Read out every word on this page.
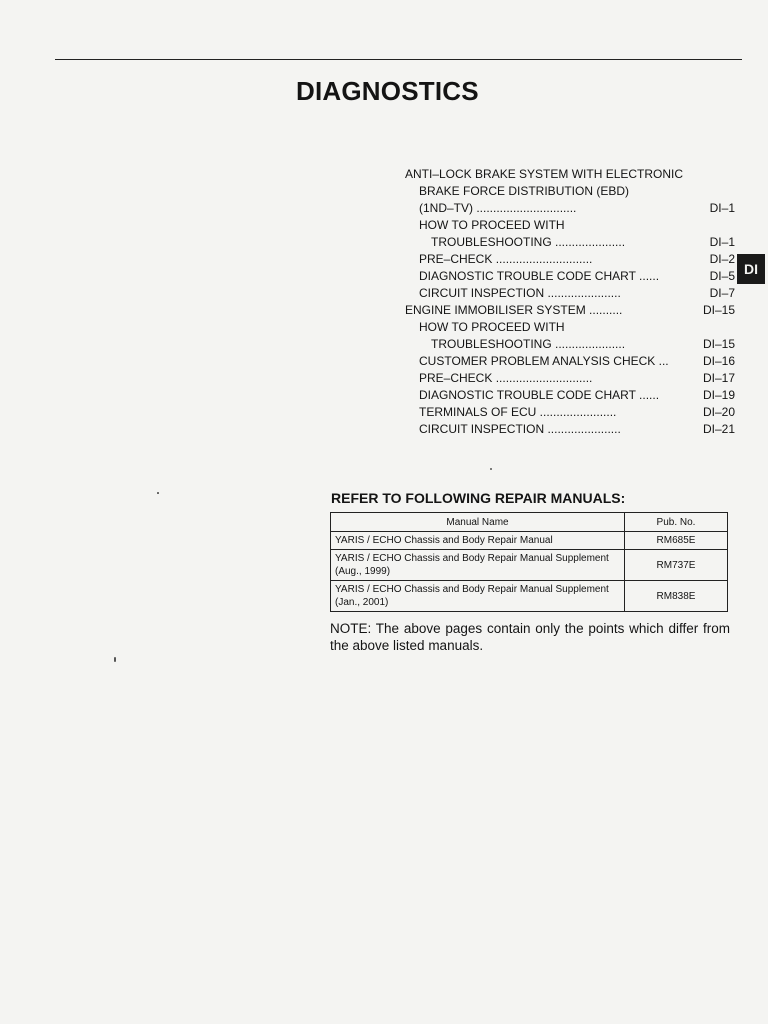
DIAGNOSTICS
ANTI–LOCK BRAKE SYSTEM WITH ELECTRONIC
BRAKE FORCE DISTRIBUTION (EBD)
(1ND–TV) ..............................	DI–1
HOW TO PROCEED WITH
TROUBLESHOOTING .....................	DI–1
PRE–CHECK .............................	DI–2
DIAGNOSTIC TROUBLE CODE CHART ......	DI–5
CIRCUIT INSPECTION ......................	DI–7
ENGINE IMMOBILISER SYSTEM ..........	DI–15
HOW TO PROCEED WITH
TROUBLESHOOTING .....................	DI–15
CUSTOMER PROBLEM ANALYSIS CHECK ...	DI–16
PRE–CHECK .............................	DI–17
DIAGNOSTIC TROUBLE CODE CHART ......	DI–19
TERMINALS OF ECU .......................	DI–20
CIRCUIT INSPECTION ......................	DI–21
DI
REFER TO FOLLOWING REPAIR MANUALS:
Manual Name	Pub. No.
YARIS / ECHO Chassis and Body Repair Manual	RM685E
YARIS / ECHO Chassis and Body Repair Manual Supplement (Aug., 1999)	RM737E
YARIS / ECHO Chassis and Body Repair Manual Supplement (Jan., 2001)	RM838E

NOTE: The above pages contain only the points which differ from the above listed manuals.
